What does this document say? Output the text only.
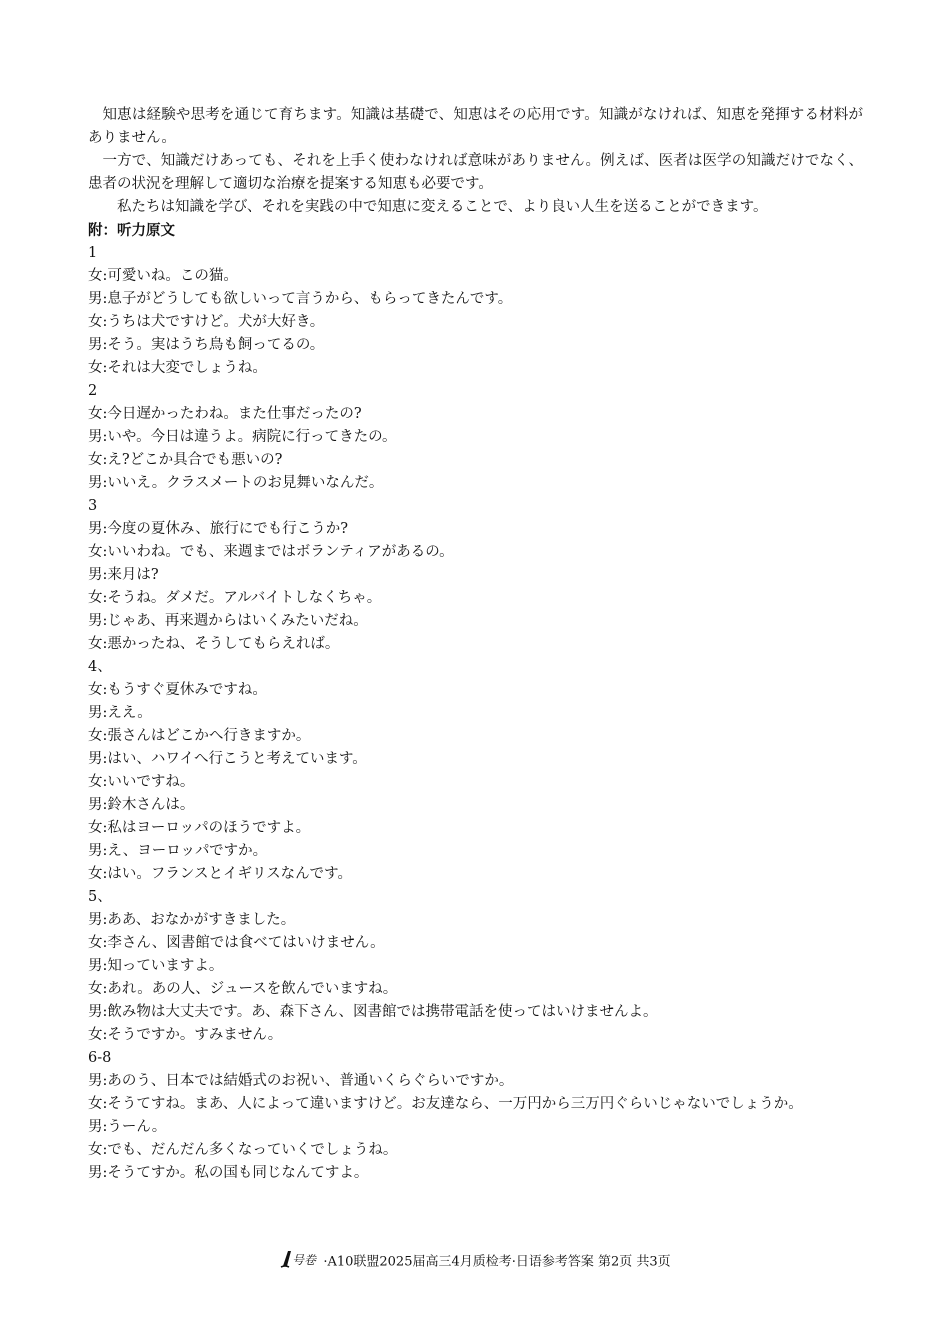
知恵は経験や思考を通じて育ちます。知識は基礎で、知恵はその応用です。知識がなければ、知恵を発揮する材料がありません。

一方で、知識だけあっても、それを上手く使わなければ意味がありません。例えば、医者は医学の知識だけでなく、患者の状況を理解して適切な治療を提案する知恵も必要です。

私たちは知識を学び、それを実践の中で知恵に変えることで、より良い人生を送ることができます。

附：听力原文

1

女 : 可愛いね。この猫。
男 : 息子がどうしても欲しいって言うから、もらってきたんです。
女 : うちは犬ですけど。犬が大好き。
男 : そう。実はうち鳥も飼ってるの。
女 : それは大変でしょうね。

2

女 : 今日遅かったわね。また仕事だったの?
男 : いや。今日は違うよ。病院に行ってきたの。
女 : え?どこか具合でも悪いの?
男 : いいえ。クラスメートのお見舞いなんだ。

3

男 : 今度の夏休み、旅行にでも行こうか?
女 : いいわね。でも、来週まではボランティアがあるの。
男 : 来月は?
女 : そうね。ダメだ。アルバイトしなくちゃ。
男 : じゃあ、再来週からはいくみたいだね。
女 : 悪かったね、そうしてもらえれば。

4、

女 : もうすぐ夏休みですね。
男 : ええ。
女 : 張さんはどこかへ行きますか。
男 : はい、ハワイへ行こうと考えています。
女 : いいですね。
男 : 鈴木さんは。
女 : 私はヨーロッパのほうですよ。
男 : え、ヨーロッパですか。
女 : はい。フランスとイギリスなんです。

5、

男 : ああ、おなかがすきました。
女 : 李さん、図書館では食べてはいけません。
男 : 知っていますよ。
女 : あれ。あの人、ジュースを飲んでいますね。
男 : 飲み物は大丈夫です。あ、森下さん、図書館では携帯電話を使ってはいけませんよ。
女 : そうですか。すみません。

6-8

男 : あのう、日本では結婚式のお祝い、普通いくらぐらいですか。
女 : そうてすね。まあ、人によって違いますけど。お友達なら、一万円から三万円ぐらいじゃないでしょうか。
男 : うーん。
女 : でも、だんだん多くなっていくでしょうね。
男 : そうてすか。私の国も同じなんてすよ。
号卷 ·A10联盟2025届高三4月质检考·日语参考答案 第2页 共3页
